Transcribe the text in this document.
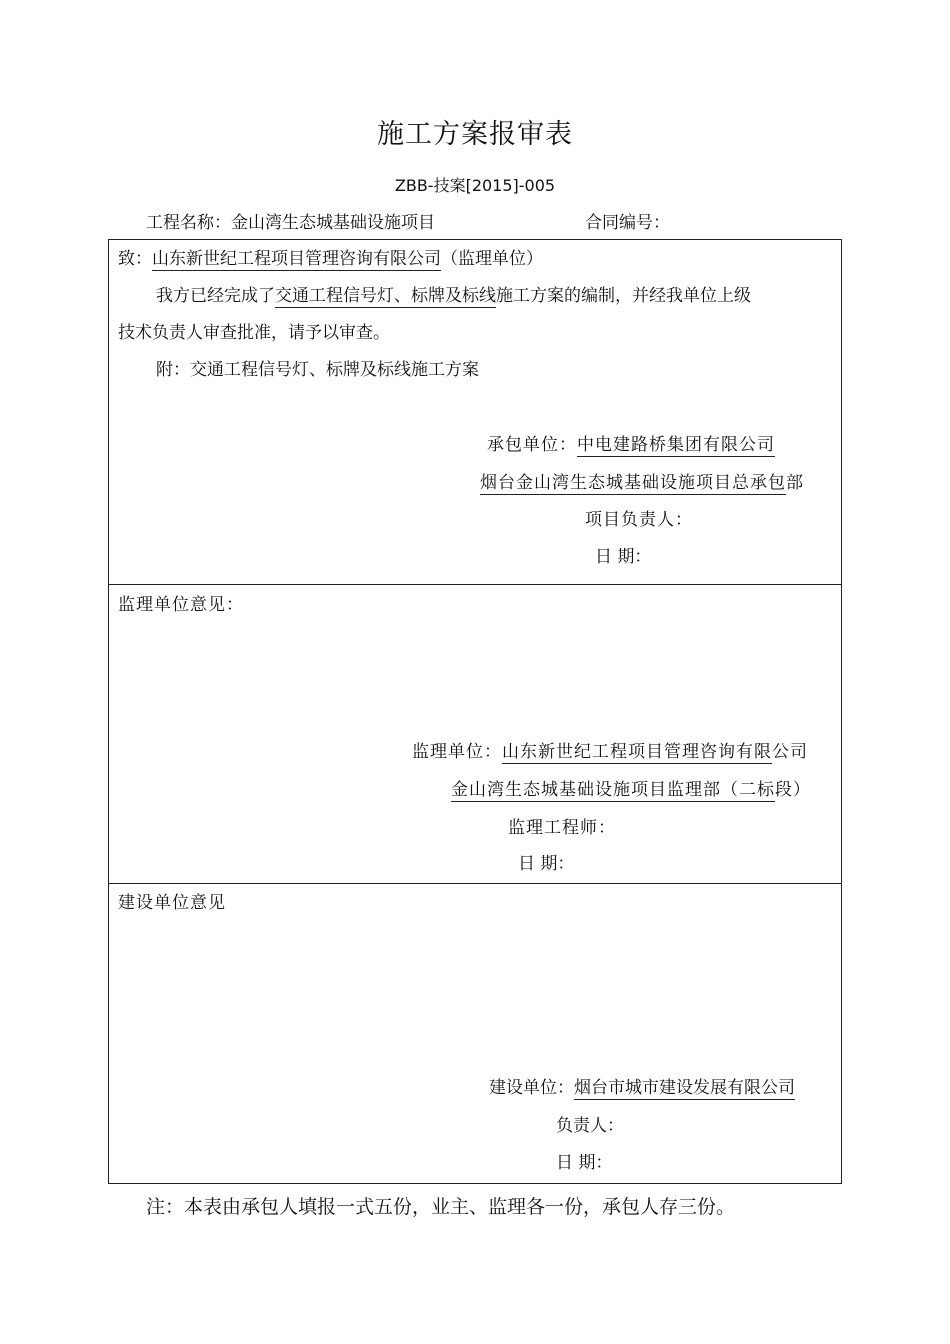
施工方案报审表
ZBB-技案[2015]-005
工程名称：金山湾生态城基础设施项目	合同编号：
致：山东新世纪工程项目管理咨询有限公司（监理单位）
我方已经完成了交通工程信号灯、标牌及标线施工方案的编制，并经我单位上级
技术负责人审查批准，请予以审查。
附：交通工程信号灯、标牌及标线施工方案
承包单位：中电建路桥集团有限公司
烟台金山湾生态城基础设施项目总承包部
项目负责人：
日 期：
监理单位意见：
监理单位：山东新世纪工程项目管理咨询有限公司
金山湾生态城基础设施项目监理部（二标段）
监理工程师：
日 期：
建设单位意见
建设单位：烟台市城市建设发展有限公司
负责人：
日 期：
注：本表由承包人填报一式五份，业主、监理各一份，承包人存三份。
